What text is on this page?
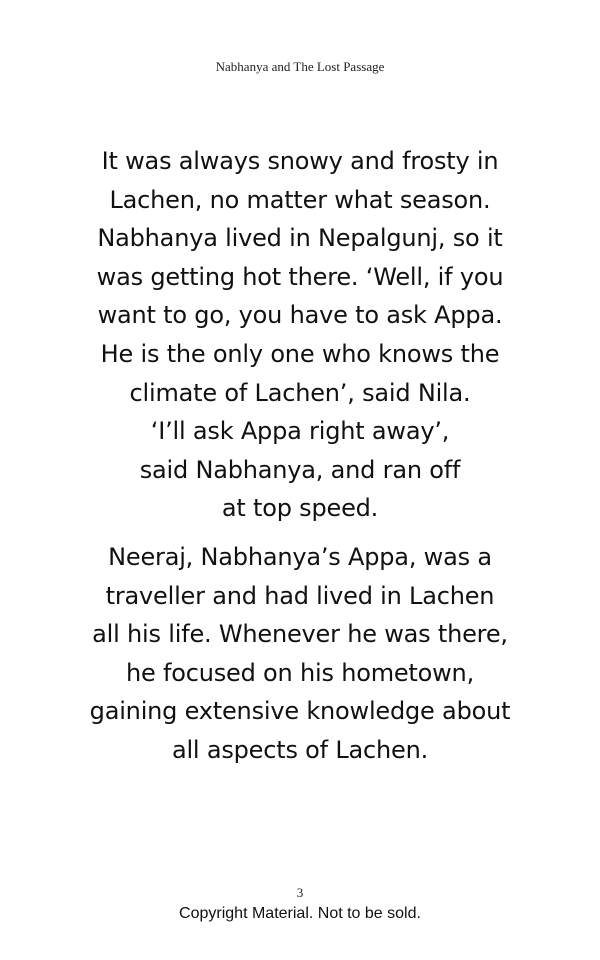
Nabhanya and The Lost Passage

It was always snowy and frosty in
Lachen, no matter what season.
Nabhanya lived in Nepalgunj, so it
was getting hot there. ‘Well, if you
want to go, you have to ask Appa.
He is the only one who knows the
climate of Lachen’, said Nila.
‘I’ll ask Appa right away’,
said Nabhanya, and ran off
at top speed.

Neeraj, Nabhanya’s Appa, was a
traveller and had lived in Lachen
all his life. Whenever he was there,
he focused on his hometown,
gaining extensive knowledge about
all aspects of Lachen.

3
Copyright Material. Not to be sold.
